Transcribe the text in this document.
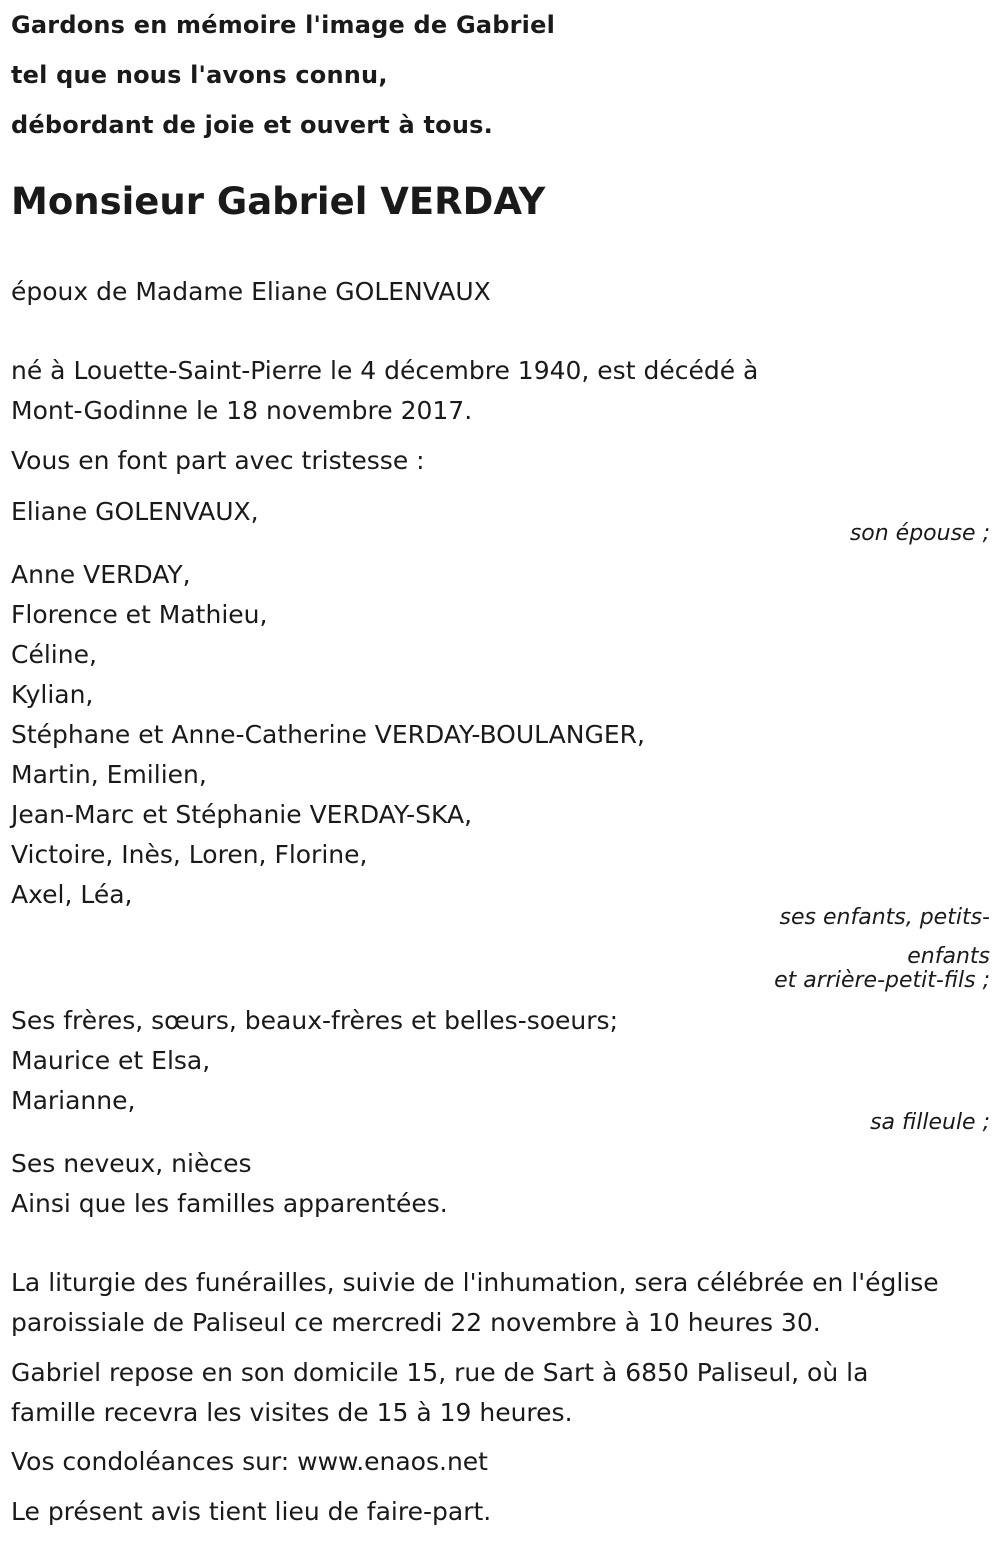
Gardons en mémoire l'image de Gabriel
tel que nous l'avons connu,
débordant de joie et ouvert à tous.
Monsieur Gabriel VERDAY
époux de Madame Eliane GOLENVAUX
né à Louette-Saint-Pierre le 4 décembre 1940, est décédé à
Mont-Godinne le 18 novembre 2017.
Vous en font part avec tristesse :
Eliane GOLENVAUX,
son épouse ;
Anne VERDAY,
Florence et Mathieu,
Céline,
Kylian,
Stéphane et Anne-Catherine VERDAY-BOULANGER,
Martin, Emilien,
Jean-Marc et Stéphanie VERDAY-SKA,
Victoire, Inès, Loren, Florine,
Axel, Léa,
ses enfants, petits-
enfants
et arrière-petit-fils ;
Ses frères, sœurs, beaux-frères et belles-soeurs;
Maurice et Elsa,
Marianne,
sa filleule ;
Ses neveux, nièces
Ainsi que les familles apparentées.
La liturgie des funérailles, suivie de l'inhumation, sera célébrée en l'église
paroissiale de Paliseul ce mercredi 22 novembre à 10 heures 30.
Gabriel repose en son domicile 15, rue de Sart à 6850 Paliseul, où la
famille recevra les visites de 15 à 19 heures.
Vos condoléances sur: www.enaos.net
Le présent avis tient lieu de faire-part.
